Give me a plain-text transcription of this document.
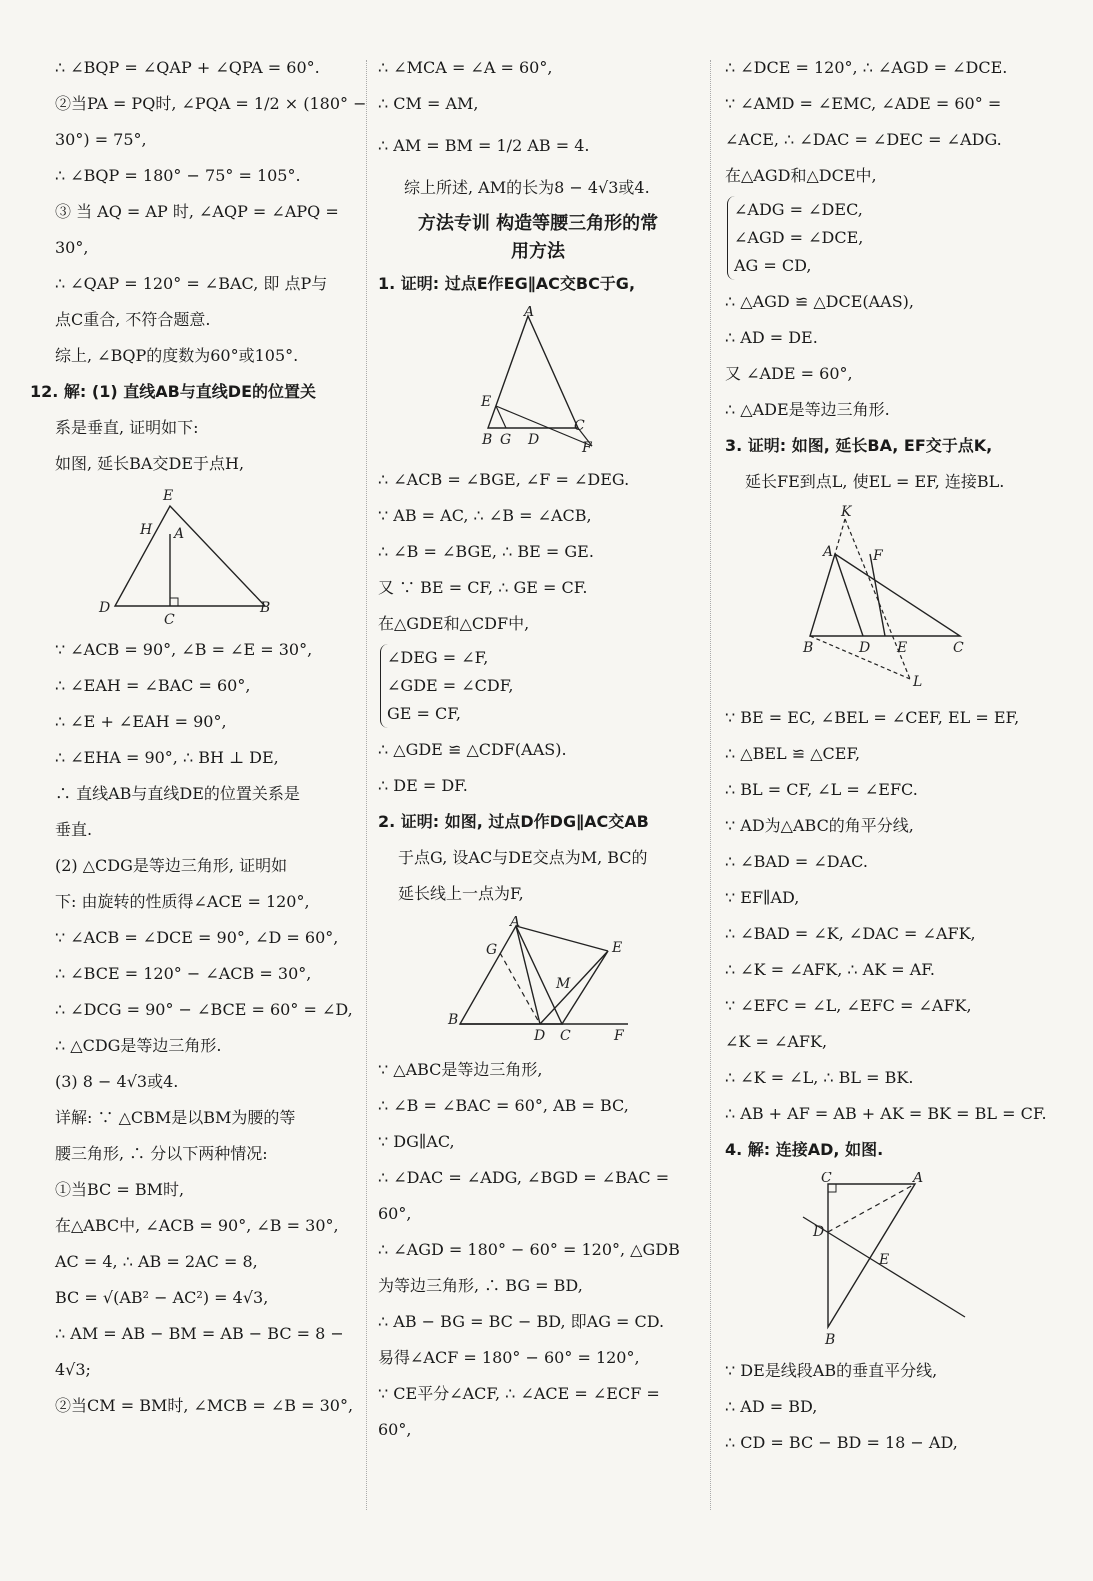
∴ ∠BQP = ∠QAP + ∠QPA = 60°.
②当PA = PQ时, ∠PQA = 1/2 × (180° −
30°) = 75°,
∴ ∠BQP = 180° − 75° = 105°.
③ 当 AQ = AP 时, ∠AQP = ∠APQ =
30°,
∴ ∠QAP = 120° = ∠BAC, 即 点P与
点C重合, 不符合题意.
综上, ∠BQP的度数为60°或105°.
12. 解: (1) 直线AB与直线DE的位置关
系是垂直, 证明如下:
如图, 延长BA交DE于点H,
E
H A
D
C
B
∵ ∠ACB = 90°, ∠B = ∠E = 30°,
∴ ∠EAH = ∠BAC = 60°,
∴ ∠E + ∠EAH = 90°,
∴ ∠EHA = 90°, ∴ BH ⊥ DE,
∴ 直线AB与直线DE的位置关系是
垂直.
(2) △CDG是等边三角形, 证明如
下: 由旋转的性质得∠ACE = 120°,
∵ ∠ACB = ∠DCE = 90°, ∠D = 60°,
∴ ∠BCE = 120° − ∠ACB = 30°,
∴ ∠DCG = 90° − ∠BCE = 60° = ∠D,
∴ △CDG是等边三角形.
(3) 8 − 4√3或4.
详解: ∵ △CBM是以BM为腰的等
腰三角形, ∴ 分以下两种情况:
①当BC = BM时,
在△ABC中, ∠ACB = 90°, ∠B = 30°,
AC = 4, ∴ AB = 2AC = 8,
BC = √(AB² − AC²) = 4√3,
∴ AM = AB − BM = AB − BC = 8 −
4√3;
②当CM = BM时, ∠MCB = ∠B = 30°,
∴ ∠MCA = ∠A = 60°,
∴ CM = AM,
∴ AM = BM = 1/2 AB = 4.
综上所述, AM的长为8 − 4√3或4.
方法专训 构造等腰三角形的常
用方法
1. 证明: 过点E作EG∥AC交BC于G,
A
E
B G D
C
F
∴ ∠ACB = ∠BGE, ∠F = ∠DEG.
∵ AB = AC, ∴ ∠B = ∠ACB,
∴ ∠B = ∠BGE, ∴ BE = GE.
又 ∵ BE = CF, ∴ GE = CF.
在△GDE和△CDF中,
∠DEG = ∠F,
∠GDE = ∠CDF,
GE = CF,
∴ △GDE ≌ △CDF(AAS).
∴ DE = DF.
2. 证明: 如图, 过点D作DG∥AC交AB
于点G, 设AC与DE交点为M, BC的
延长线上一点为F,
A
G	E
M
B
D C	F
∵ △ABC是等边三角形,
∴ ∠B = ∠BAC = 60°, AB = BC,
∵ DG∥AC,
∴ ∠DAC = ∠ADG, ∠BGD = ∠BAC =
60°,
∴ ∠AGD = 180° − 60° = 120°, △GDB
为等边三角形, ∴ BG = BD,
∴ AB − BG = BC − BD, 即AG = CD.
易得∠ACF = 180° − 60° = 120°,
∵ CE平分∠ACF, ∴ ∠ACE = ∠ECF =
60°,
∴ ∠DCE = 120°, ∴ ∠AGD = ∠DCE.
∵ ∠AMD = ∠EMC, ∠ADE = 60° =
∠ACE, ∴ ∠DAC = ∠DEC = ∠ADG.
在△AGD和△DCE中,
∠ADG = ∠DEC,
∠AGD = ∠DCE,
AG = CD,
∴ △AGD ≌ △DCE(AAS),
∴ AD = DE.
又 ∠ADE = 60°,
∴ △ADE是等边三角形.
3. 证明: 如图, 延长BA, EF交于点K,
延长FE到点L, 使EL = EF, 连接BL.
K
A	F
B	D E	C
L
∵ BE = EC, ∠BEL = ∠CEF, EL = EF,
∴ △BEL ≌ △CEF,
∴ BL = CF, ∠L = ∠EFC.
∵ AD为△ABC的角平分线,
∴ ∠BAD = ∠DAC.
∵ EF∥AD,
∴ ∠BAD = ∠K, ∠DAC = ∠AFK,
∴ ∠K = ∠AFK, ∴ AK = AF.
∵ ∠EFC = ∠L, ∠EFC = ∠AFK,
∠K = ∠AFK,
∴ ∠K = ∠L, ∴ BL = BK.
∴ AB + AF = AB + AK = BK = BL = CF.
4. 解: 连接AD, 如图.
C	A
D
E
B
∵ DE是线段AB的垂直平分线,
∴ AD = BD,
∴ CD = BC − BD = 18 − AD,
